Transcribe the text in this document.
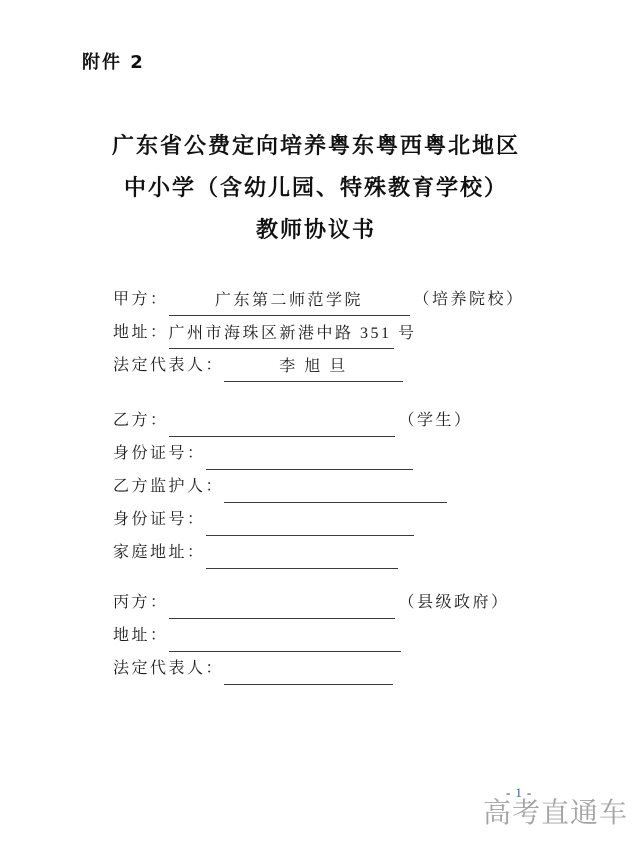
附件 2
广东省公费定向培养粤东粤西粤北地区
中小学（含幼儿园、特殊教育学校）
教师协议书
甲方：	广东第二师范学院	（培养院校）
地址：广州市海珠区新港中路 351 号
法定代表人：	李 旭 旦
乙方：	（学生）
身份证号：
乙方监护人：
身份证号：
家庭地址：
丙方：	（县级政府）
地址：
法定代表人：
- 1 -
高考直通车
